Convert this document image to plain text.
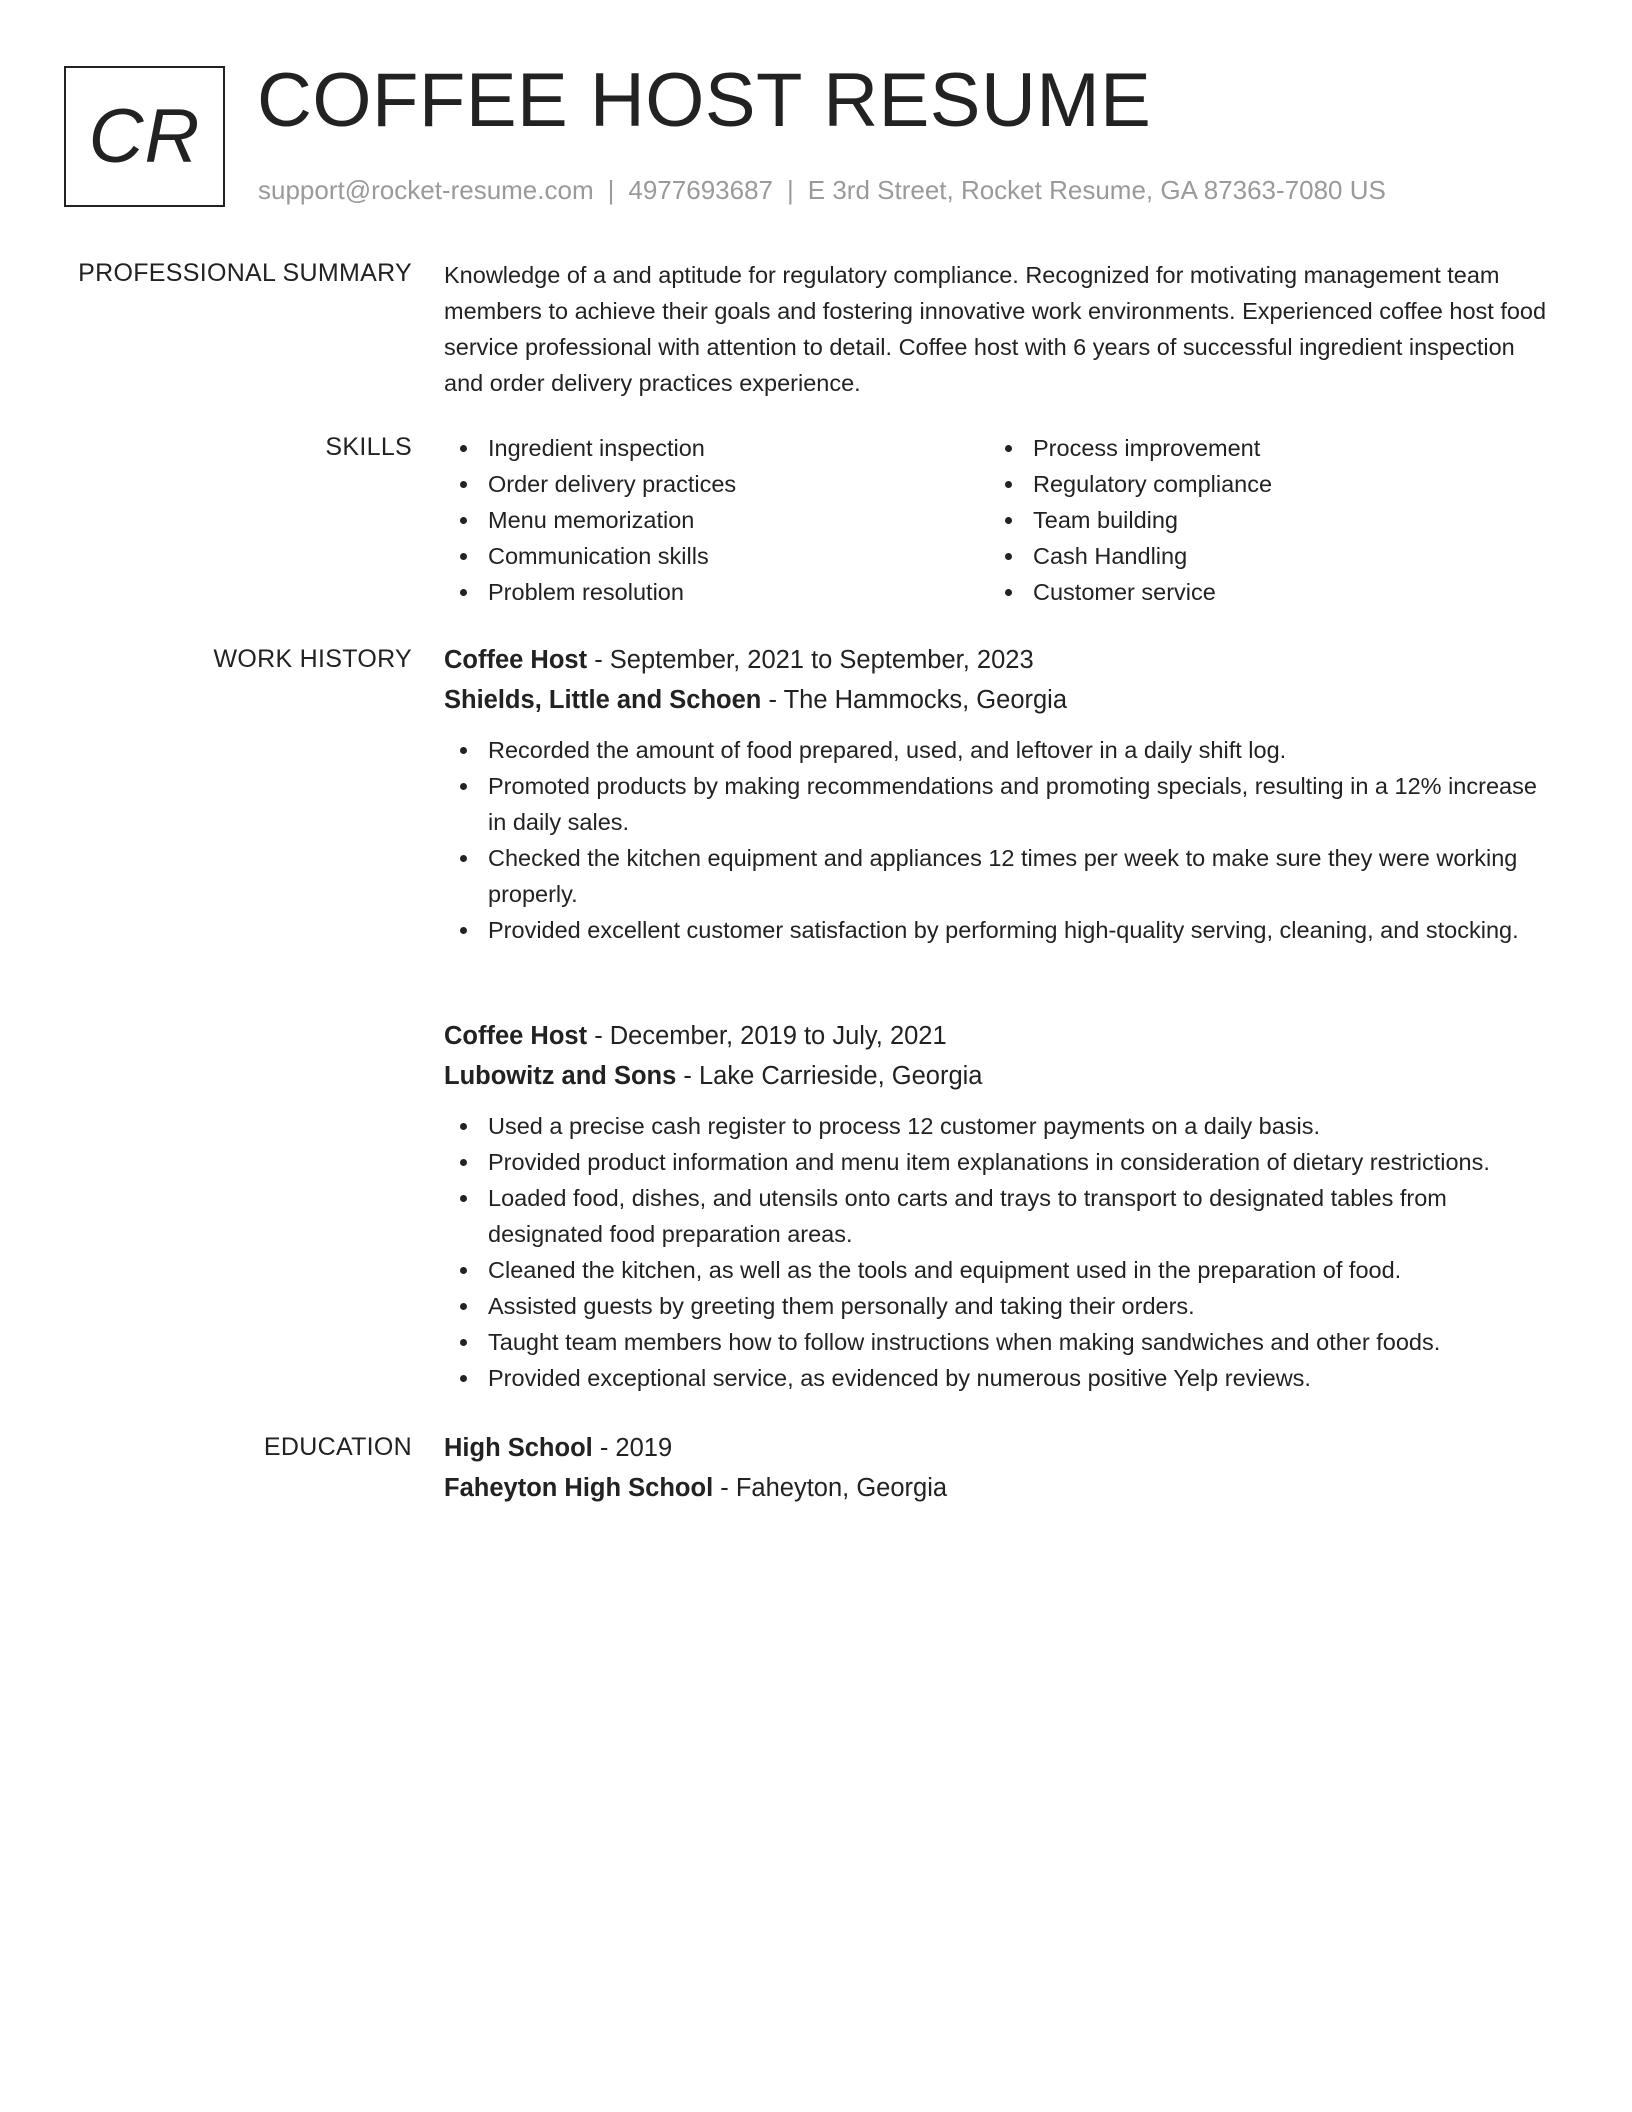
CR COFFEE HOST RESUME
support@rocket-resume.com | 4977693687 | E 3rd Street, Rocket Resume, GA 87363-7080 US
PROFESSIONAL SUMMARY Knowledge of a and aptitude for regulatory compliance. Recognized for motivating management team members to achieve their goals and fostering innovative work environments. Experienced coffee host food service professional with attention to detail. Coffee host with 6 years of successful ingredient inspection and order delivery practices experience.

SKILLS	Ingredient inspection
Order delivery practices
Menu memorization
Communication skills
Problem resolution
Process improvement
Regulatory compliance
Team building
Cash Handling
Customer service
WORK HISTORY Coffee Host - September, 2021 to September, 2023
Shields, Little and Schoen - The Hammocks, Georgia
Recorded the amount of food prepared, used, and leftover in a daily shift log.
Promoted products by making recommendations and promoting specials, resulting in a 12% increase in daily sales.
Checked the kitchen equipment and appliances 12 times per week to make sure they were working properly.
Provided excellent customer satisfaction by performing high-quality serving, cleaning, and stocking.
Coffee Host - December, 2019 to July, 2021
Lubowitz and Sons - Lake Carrieside, Georgia
Used a precise cash register to process 12 customer payments on a daily basis.
Provided product information and menu item explanations in consideration of dietary restrictions.
Loaded food, dishes, and utensils onto carts and trays to transport to designated tables from designated food preparation areas.
Cleaned the kitchen, as well as the tools and equipment used in the preparation of food.
Assisted guests by greeting them personally and taking their orders.
Taught team members how to follow instructions when making sandwiches and other foods.
Provided exceptional service, as evidenced by numerous positive Yelp reviews.
EDUCATION High School - 2019
Faheyton High School - Faheyton, Georgia
